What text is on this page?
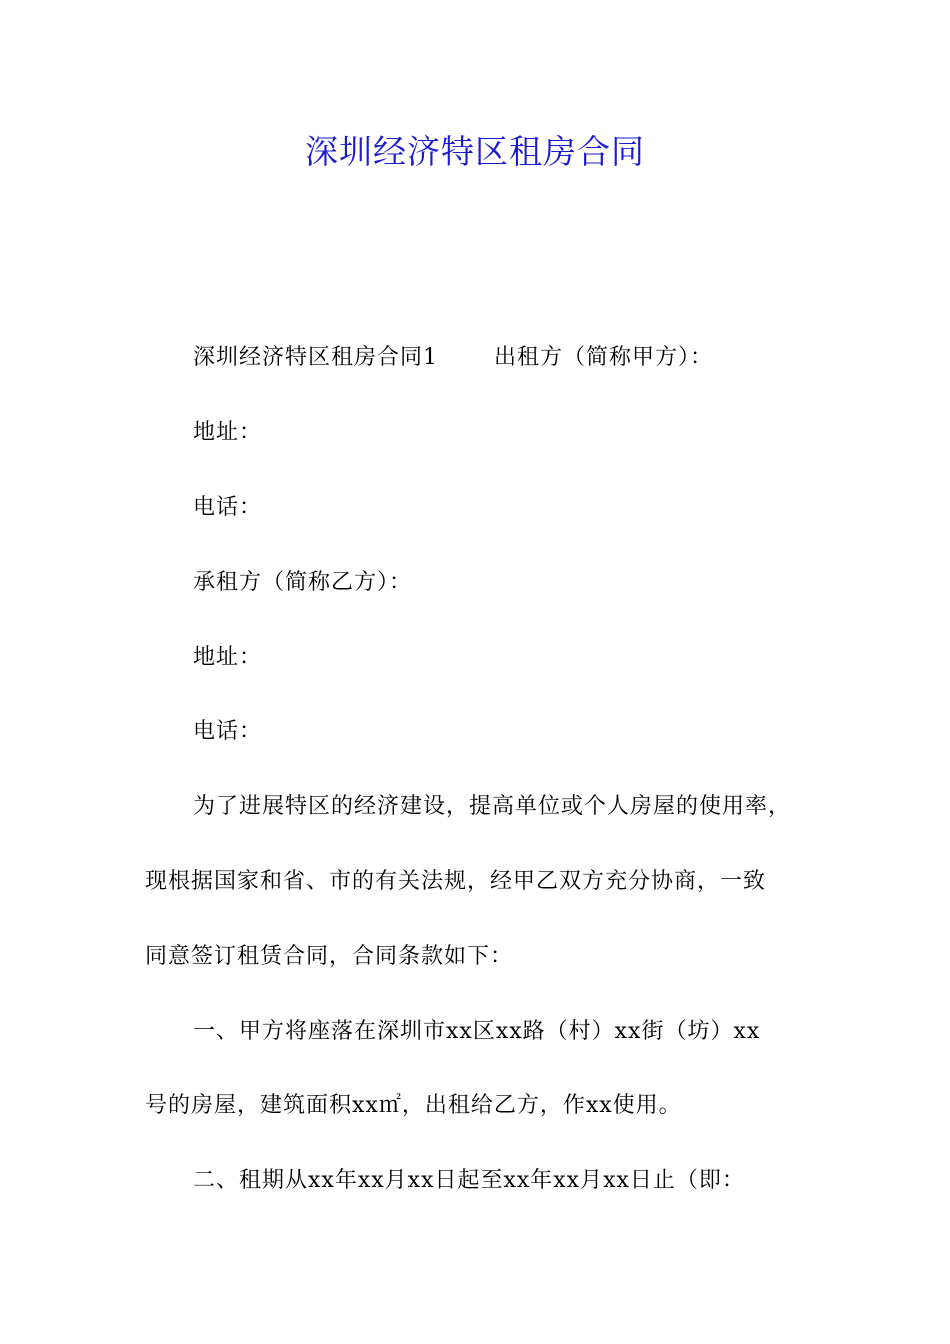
深圳经济特区租房合同
深圳经济特区租房合同1	出租方（简称甲方）：
地址：
电话：
承租方（简称乙方）：
地址：
电话：
为了进展特区的经济建设，提高单位或个人房屋的使用率，
现根据国家和省、市的有关法规，经甲乙双方充分协商，一致
同意签订租赁合同，合同条款如下：
一、甲方将座落在深圳市xx区xx路（村）xx街（坊）xx
号的房屋，建筑面积xx㎡，出租给乙方，作xx使用。
二、租期从xx年xx月xx日起至xx年xx月xx日止（即：
